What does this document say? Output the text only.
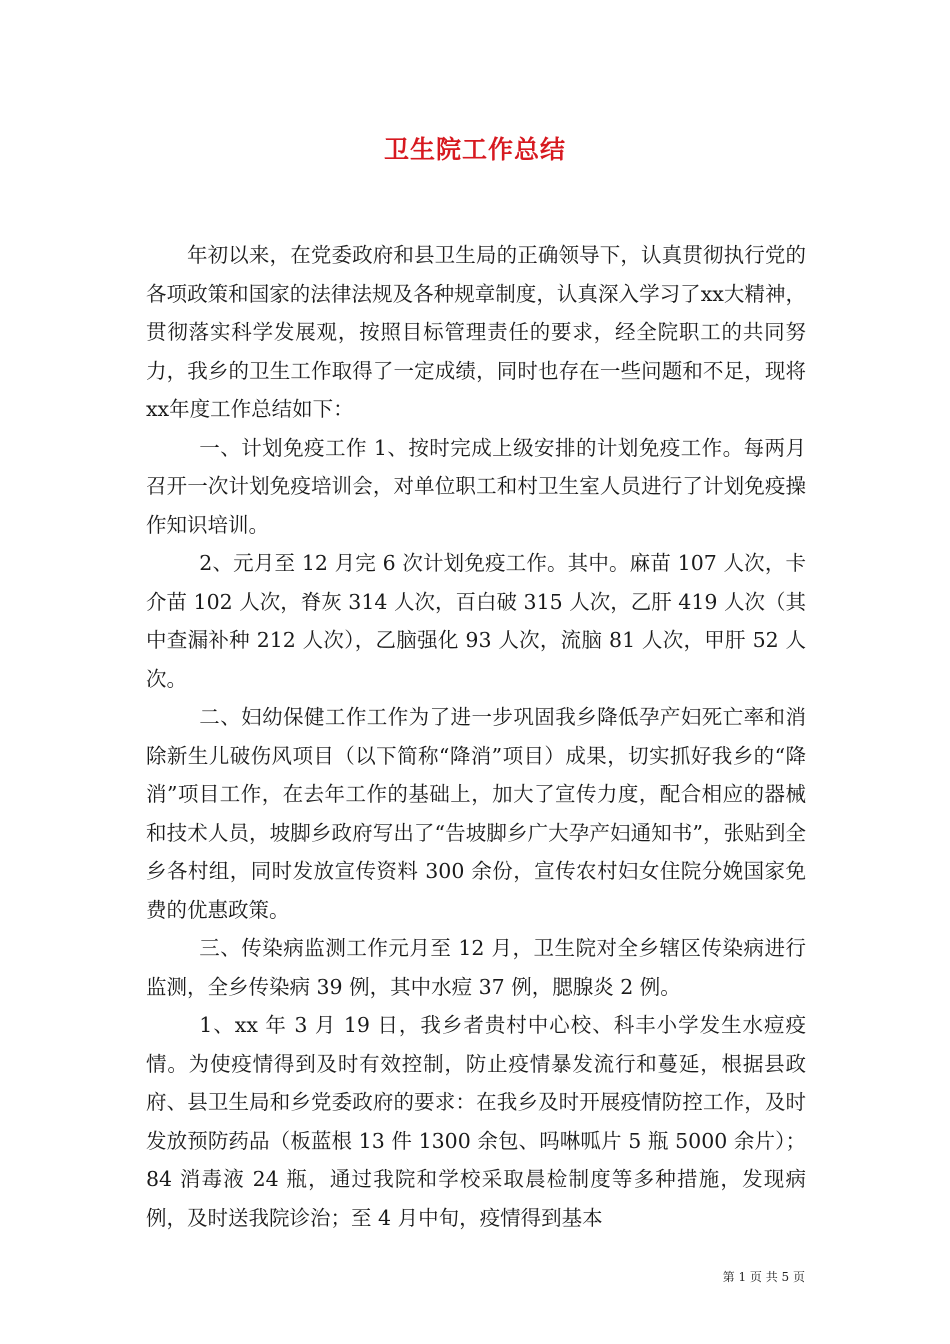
卫生院工作总结

年初以来，在党委政府和县卫生局的正确领导下，认真贯彻执行党的各项政策和国家的法律法规及各种规章制度，认真深入学习了xx大精神，贯彻落实科学发展观，按照目标管理责任的要求，经全院职工的共同努力，我乡的卫生工作取得了一定成绩，同时也存在一些问题和不足，现将xx年度工作总结如下：

一、计划免疫工作 1、按时完成上级安排的计划免疫工作。每两月召开一次计划免疫培训会，对单位职工和村卫生室人员进行了计划免疫操作知识培训。

2、元月至 12 月完 6 次计划免疫工作。其中。麻苗 107 人次，卡介苗 102 人次，脊灰 314 人次，百白破 315 人次，乙肝 419 人次（其中查漏补种 212 人次），乙脑强化 93 人次，流脑 81 人次，甲肝 52 人次。

二、妇幼保健工作工作为了进一步巩固我乡降低孕产妇死亡率和消除新生儿破伤风项目（以下简称“降消”项目）成果，切实抓好我乡的“降消”项目工作，在去年工作的基础上，加大了宣传力度，配合相应的器械和技术人员，坡脚乡政府写出了“告坡脚乡广大孕产妇通知书”，张贴到全乡各村组，同时发放宣传资料 300 余份，宣传农村妇女住院分娩国家免费的优惠政策。

三、传染病监测工作元月至 12 月，卫生院对全乡辖区传染病进行监测，全乡传染病 39 例，其中水痘 37 例，腮腺炎 2 例。

1、xx 年 3 月 19 日，我乡者贵村中心校、科丰小学发生水痘疫情。为使疫情得到及时有效控制，防止疫情暴发流行和蔓延，根据县政府、县卫生局和乡党委政府的要求：在我乡及时开展疫情防控工作，及时发放预防药品（板蓝根 13 件 1300 余包、吗啉呱片 5 瓶 5000 余片）；84 消毒液 24 瓶，通过我院和学校采取晨检制度等多种措施，发现病例，及时送我院诊治；至 4 月中旬，疫情得到基本

第 1 页 共 5 页
